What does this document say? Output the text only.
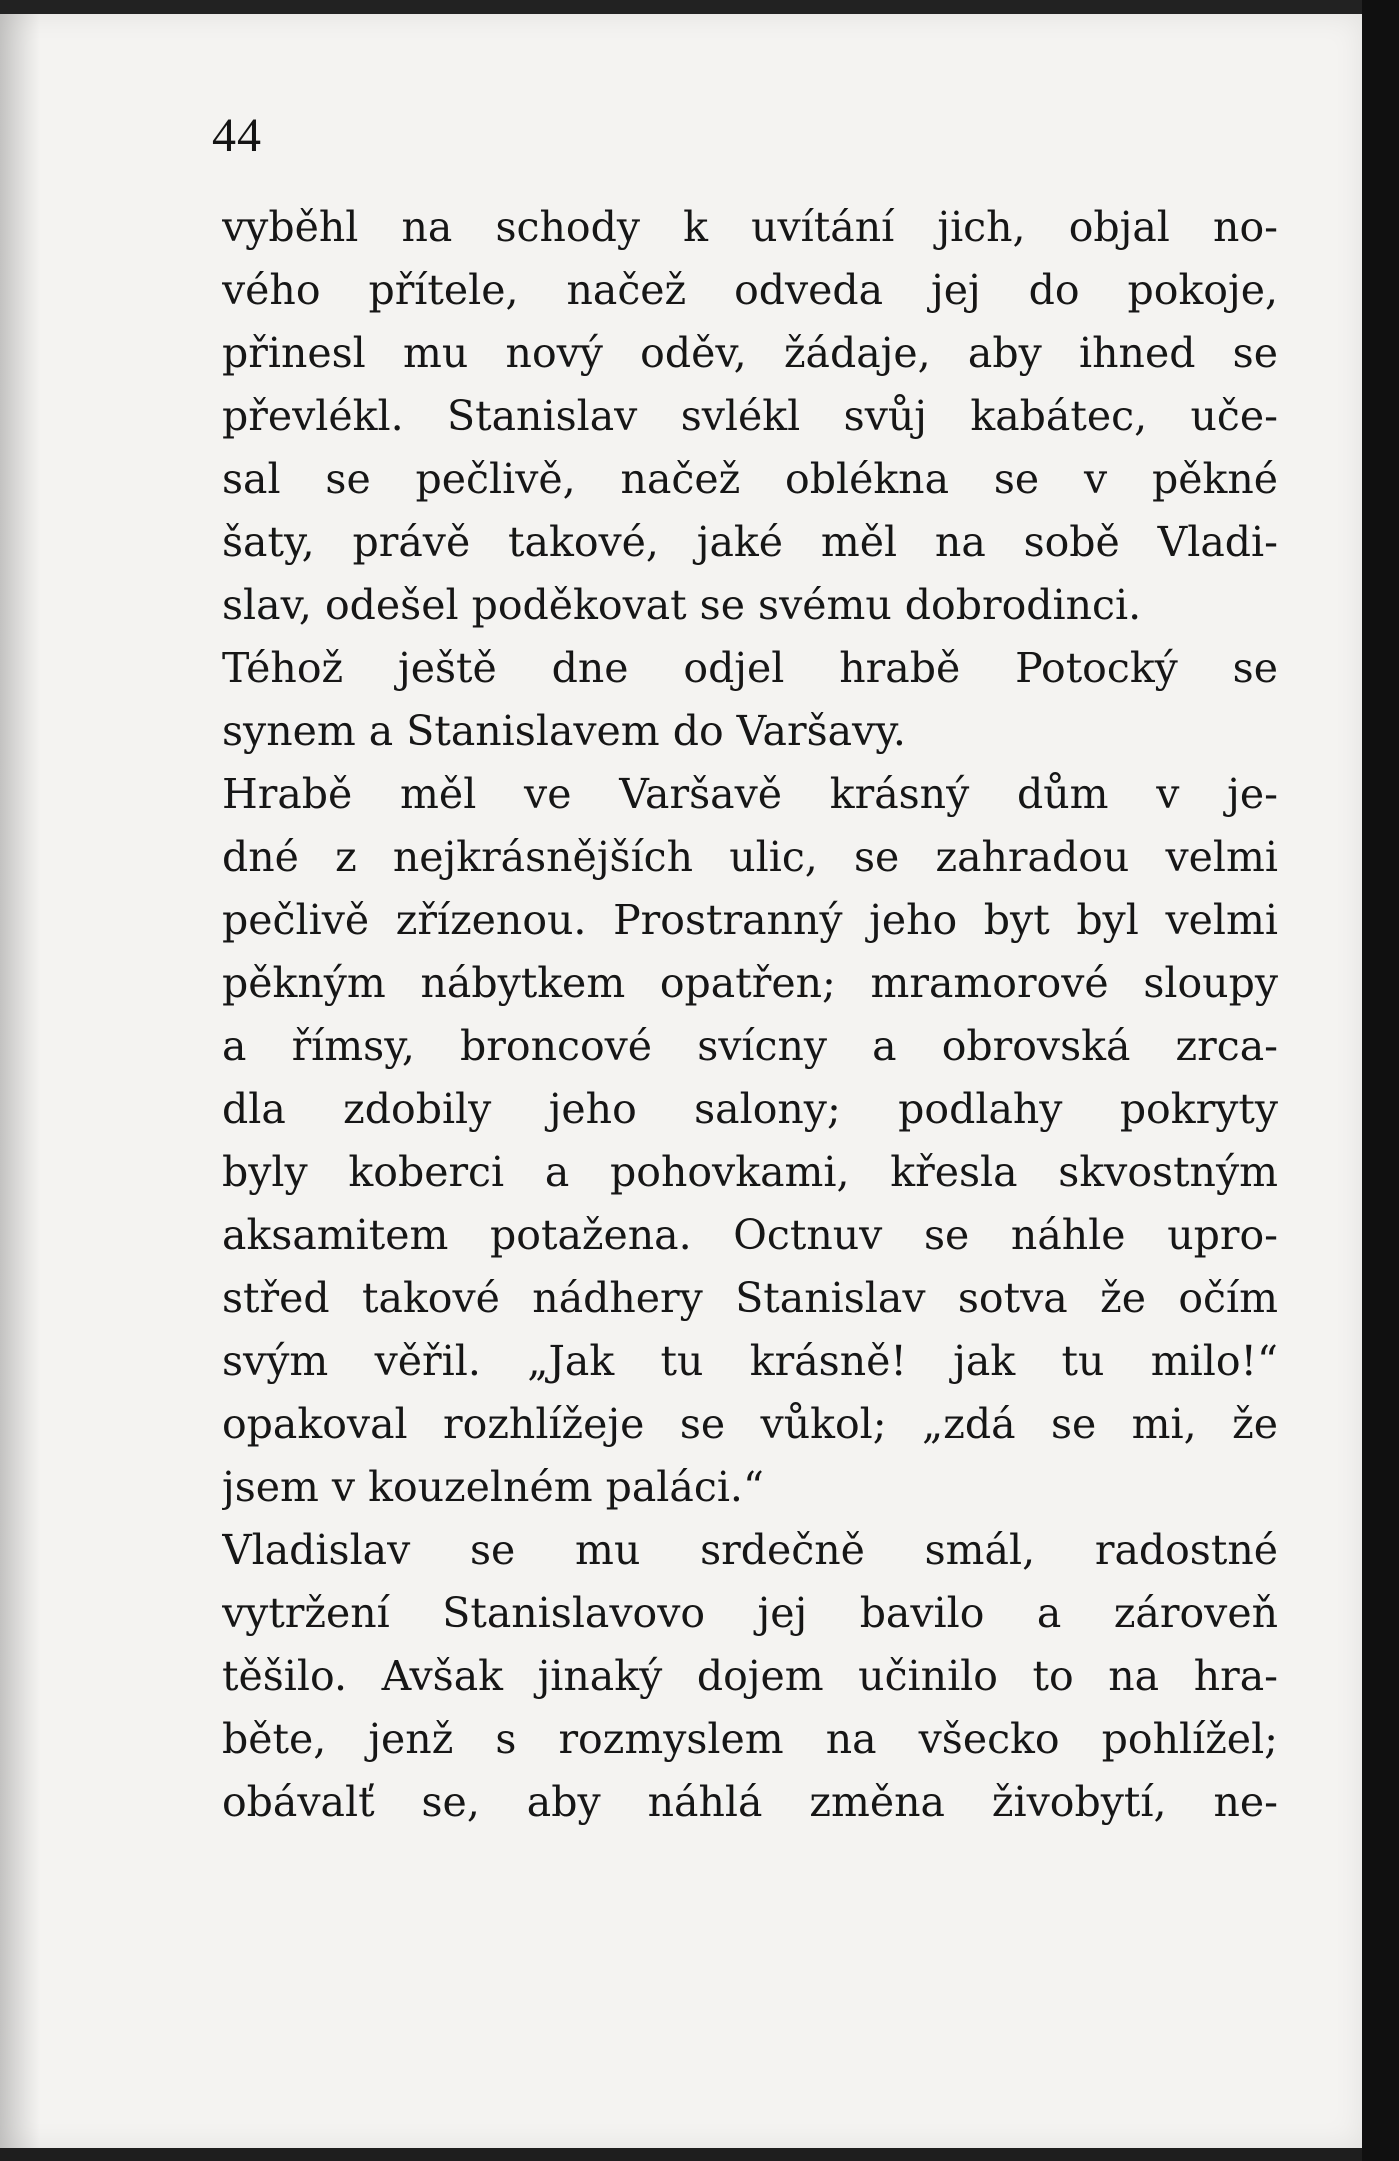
44
vyběhl na schody k uvítání jich, objal no-
vého přítele, načež odveda jej do pokoje,
přinesl mu nový oděv, žádaje, aby ihned se
převlékl. Stanislav svlékl svůj kabátec, uče-
sal se pečlivě, načež oblékna se v pěkné
šaty, právě takové, jaké měl na sobě Vladi-
slav, odešel poděkovat se svému dobrodinci.
Téhož ještě dne odjel hrabě Potocký se
synem a Stanislavem do Varšavy.
Hrabě měl ve Varšavě krásný dům v je-
dné z nejkrásnějších ulic, se zahradou velmi
pečlivě zřízenou. Prostranný jeho byt byl velmi
pěkným nábytkem opatřen; mramorové sloupy
a římsy, broncové svícny a obrovská zrca-
dla zdobily jeho salony; podlahy pokryty
byly koberci a pohovkami, křesla skvostným
aksamitem potažena. Octnuv se náhle upro-
střed takové nádhery Stanislav sotva že očím
svým věřil. „Jak tu krásně! jak tu milo!“
opakoval rozhlížeje se vůkol; „zdá se mi, že
jsem v kouzelném paláci.“
Vladislav se mu srdečně smál, radostné
vytržení Stanislavovo jej bavilo a zároveň
těšilo. Avšak jinaký dojem učinilo to na hra-
běte, jenž s rozmyslem na všecko pohlížel;
obávalť se, aby náhlá změna živobytí, ne-
